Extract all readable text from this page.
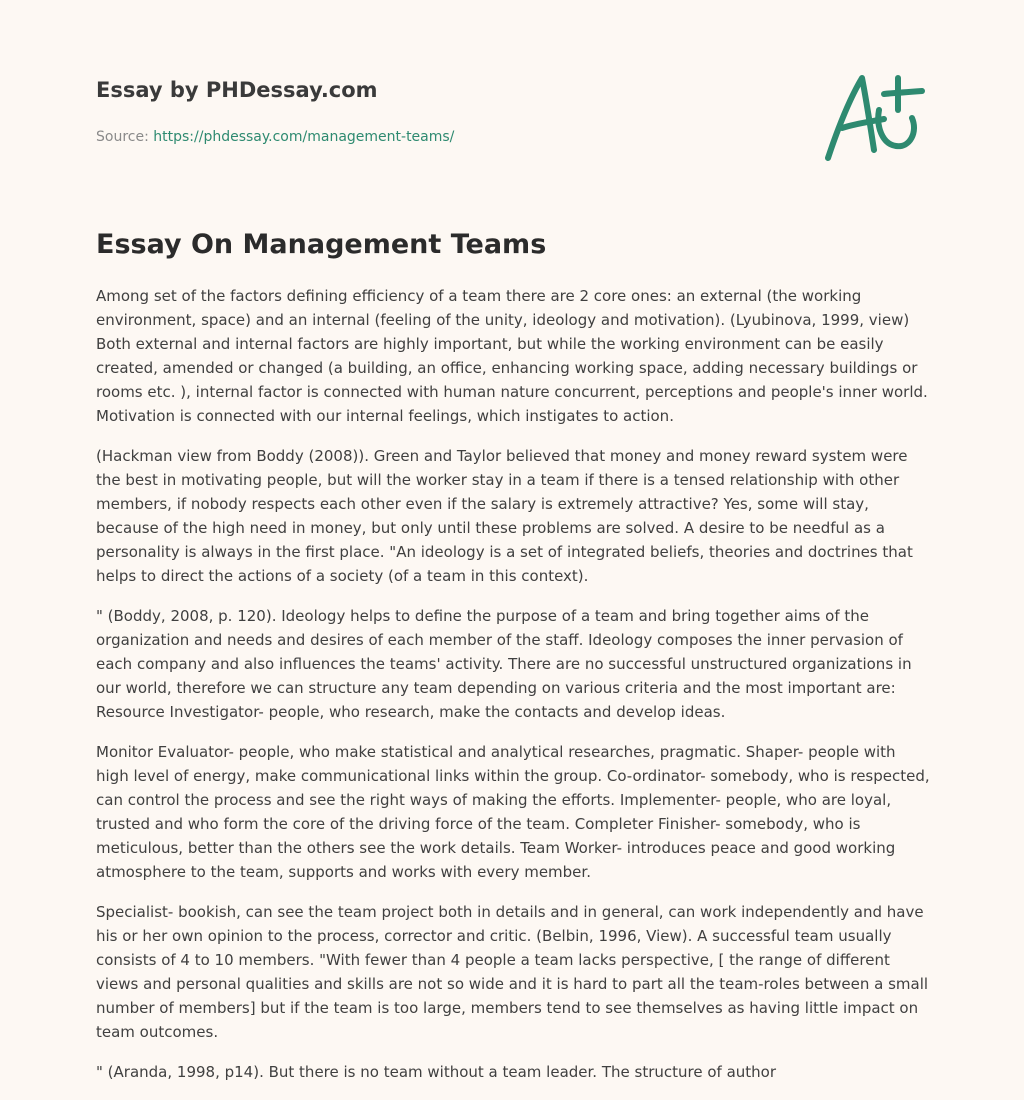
Essay by PHDessay.com
Source: https://phdessay.com/management-teams/
Essay On Management Teams

Among set of the factors defining efficiency of a team there are 2 core ones: an external (the working environment, space) and an internal (feeling of the unity, ideology and motivation). (Lyubinova, 1999, view) Both external and internal factors are highly important, but while the working environment can be easily created, amended or changed (a building, an office, enhancing working space, adding necessary buildings or rooms etc. ), internal factor is connected with human nature concurrent, perceptions and people's inner world. Motivation is connected with our internal feelings, which instigates to action.

(Hackman view from Boddy (2008)). Green and Taylor believed that money and money reward system were the best in motivating people, but will the worker stay in a team if there is a tensed relationship with other members, if nobody respects each other even if the salary is extremely attractive? Yes, some will stay, because of the high need in money, but only until these problems are solved. A desire to be needful as a personality is always in the first place. "An ideology is a set of integrated beliefs, theories and doctrines that helps to direct the actions of a society (of a team in this context).

" (Boddy, 2008, p. 120). Ideology helps to define the purpose of a team and bring together aims of the organization and needs and desires of each member of the staff. Ideology composes the inner pervasion of each company and also influences the teams' activity. There are no successful unstructured organizations in our world, therefore we can structure any team depending on various criteria and the most important are: Resource Investigator- people, who research, make the contacts and develop ideas.

Monitor Evaluator- people, who make statistical and analytical researches, pragmatic. Shaper- people with high level of energy, make communicational links within the group. Co-ordinator- somebody, who is respected, can control the process and see the right ways of making the efforts. Implementer- people, who are loyal, trusted and who form the core of the driving force of the team. Completer Finisher- somebody, who is meticulous, better than the others see the work details. Team Worker- introduces peace and good working atmosphere to the team, supports and works with every member.

Specialist- bookish, can see the team project both in details and in general, can work independently and have his or her own opinion to the process, corrector and critic. (Belbin, 1996, View). A successful team usually consists of 4 to 10 members. "With fewer than 4 people a team lacks perspective, [ the range of different views and personal qualities and skills are not so wide and it is hard to part all the team-roles between a small number of members] but if the team is too large, members tend to see themselves as having little impact on team outcomes.

" (Aranda, 1998, p14). But there is no team without a team leader. The structure of author
